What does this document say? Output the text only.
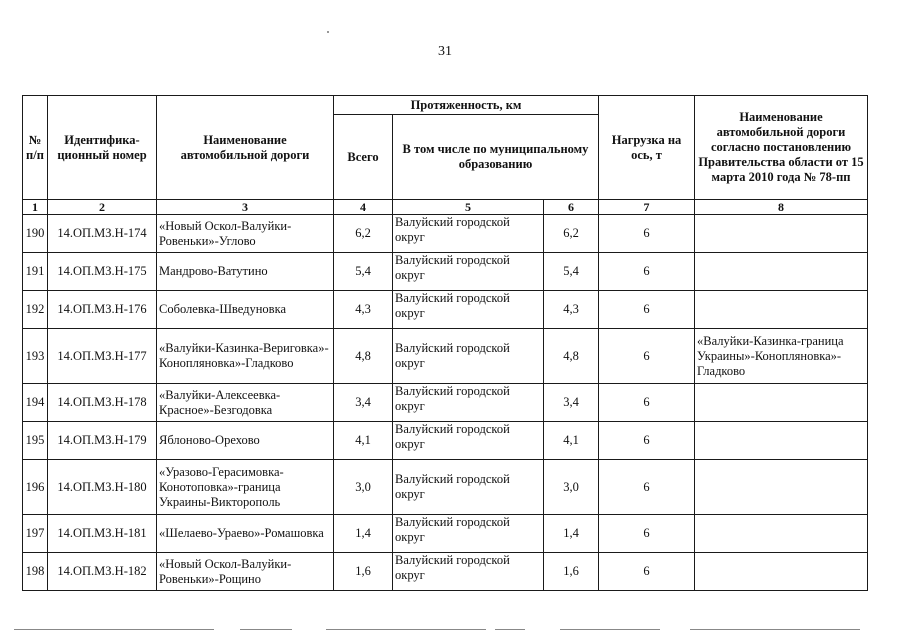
31
№ п/п	Идентифика-ционный номер	Наименование автомобильной дороги	Протяженность, км			Нагрузка на ось, т	Наименование автомобильной дороги согласно постановлению Правительства области от 15 марта 2010 года № 78-пп
			Всего	В том числе по муниципальному образованию			
1	2	3	4	5	6	7	8
190	14.ОП.МЗ.Н-174	«Новый Оскол-Валуйки-Ровеньки»-Углово	6,2	Валуйский городской округ	6,2	6	
191	14.ОП.МЗ.Н-175	Мандрово-Ватутино	5,4	Валуйский городской округ	5,4	6	
192	14.ОП.МЗ.Н-176	Соболевка-Шведуновка	4,3	Валуйский городской округ	4,3	6	
193	14.ОП.МЗ.Н-177	«Валуйки-Казинка-Вериговка»-Конопляновка»-Гладково	4,8	Валуйский городской округ	4,8	6	«Валуйки-Казинка-граница Украины»-Конопляновка»-Гладково
194	14.ОП.МЗ.Н-178	«Валуйки-Алексеевка-Красное»-Безгодовка	3,4	Валуйский городской округ	3,4	6	
195	14.ОП.МЗ.Н-179	Яблоново-Орехово	4,1	Валуйский городской округ	4,1	6	
196	14.ОП.МЗ.Н-180	«Уразово-Герасимовка-Конотоповка»-граница Украины-Викторополь	3,0	Валуйский городской округ	3,0	6	
197	14.ОП.МЗ.Н-181	«Шелаево-Ураево»-Ромашовка	1,4	Валуйский городской округ	1,4	6	
198	14.ОП.МЗ.Н-182	«Новый Оскол-Валуйки-Ровеньки»-Рощино	1,6	Валуйский городской округ	1,6	6	
